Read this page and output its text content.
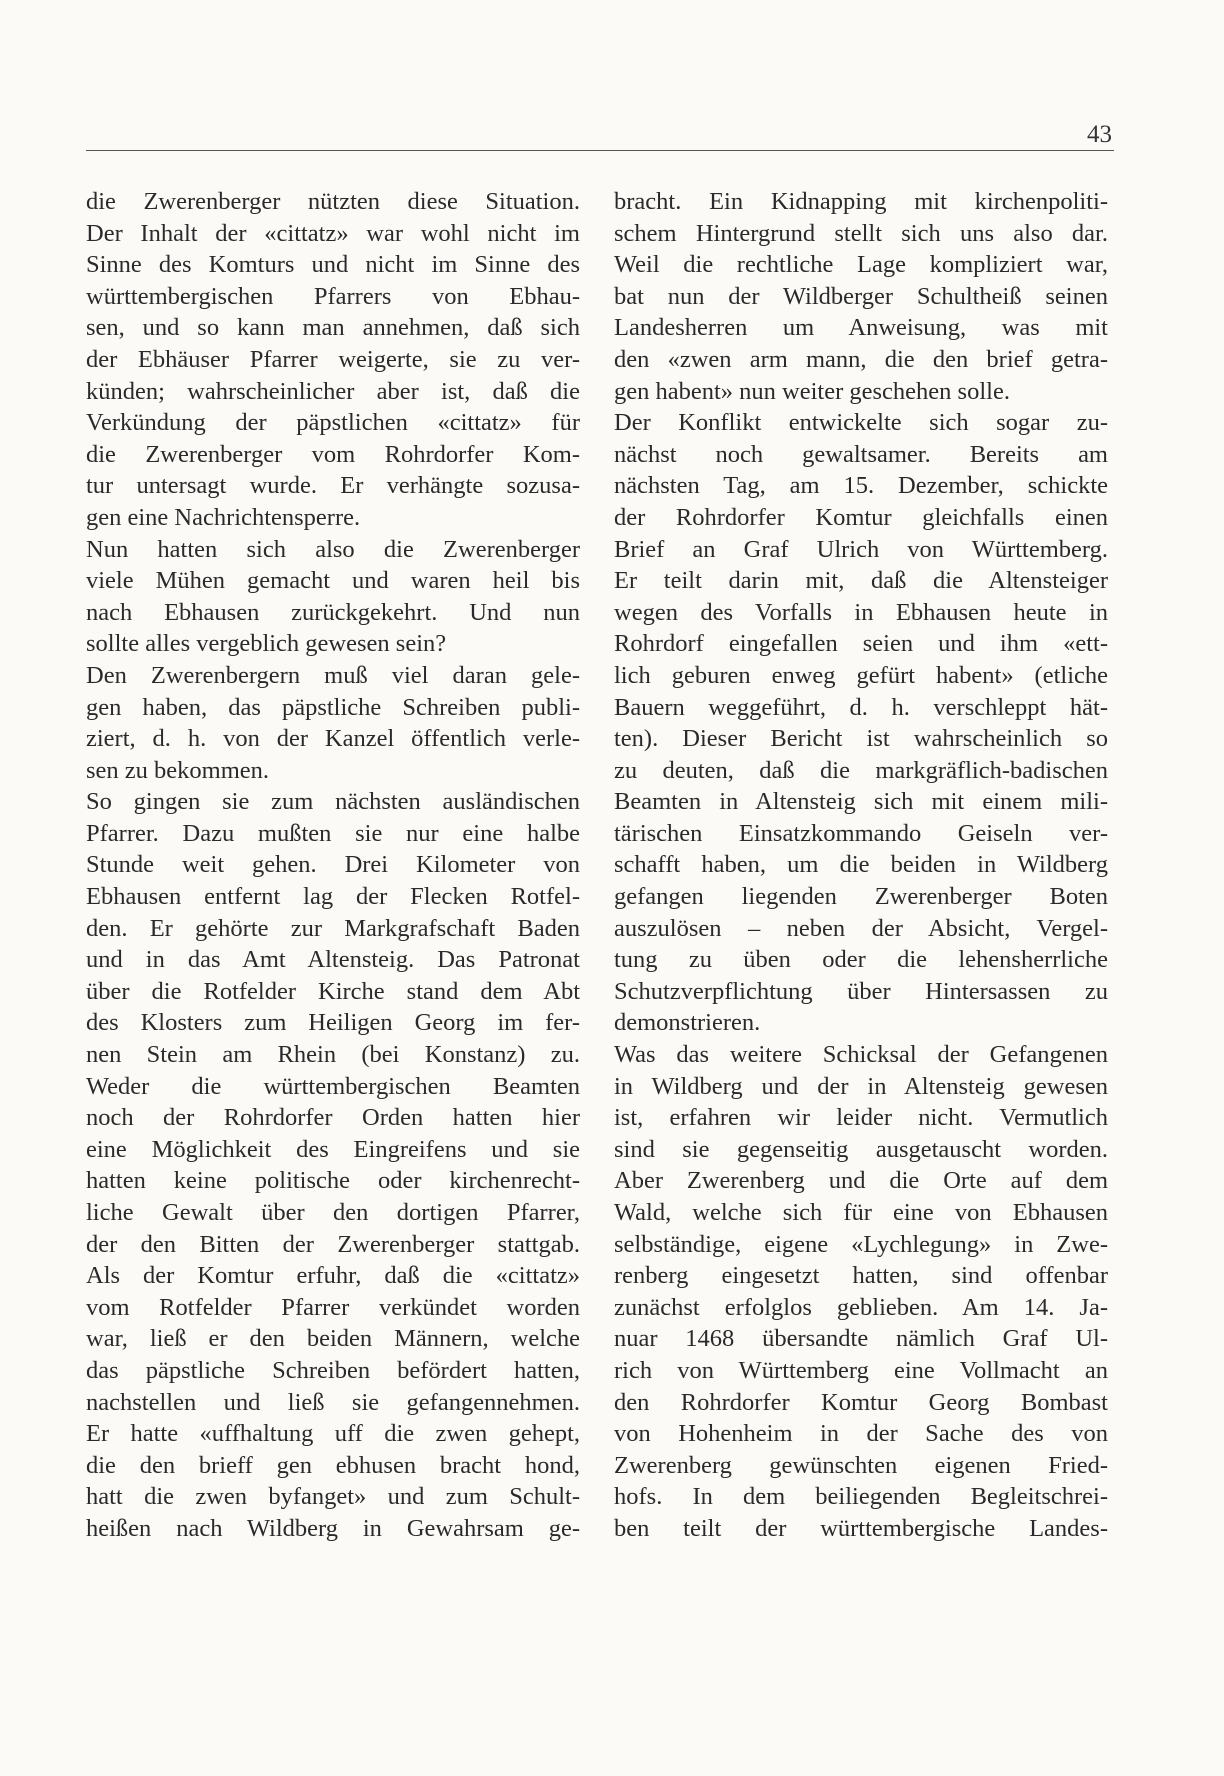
43
die Zwerenberger nützten diese Situation.
Der Inhalt der «cittatz» war wohl nicht im
Sinne des Komturs und nicht im Sinne des
württembergischen Pfarrers von Ebhau-
sen, und so kann man annehmen, daß sich
der Ebhäuser Pfarrer weigerte, sie zu ver-
künden; wahrscheinlicher aber ist, daß die
Verkündung der päpstlichen «cittatz» für
die Zwerenberger vom Rohrdorfer Kom-
tur untersagt wurde. Er verhängte sozusa-
gen eine Nachrichtensperre.
Nun hatten sich also die Zwerenberger
viele Mühen gemacht und waren heil bis
nach Ebhausen zurückgekehrt. Und nun
sollte alles vergeblich gewesen sein?
Den Zwerenbergern muß viel daran gele-
gen haben, das päpstliche Schreiben publi-
ziert, d. h. von der Kanzel öffentlich verle-
sen zu bekommen.
So gingen sie zum nächsten ausländischen
Pfarrer. Dazu mußten sie nur eine halbe
Stunde weit gehen. Drei Kilometer von
Ebhausen entfernt lag der Flecken Rotfel-
den. Er gehörte zur Markgrafschaft Baden
und in das Amt Altensteig. Das Patronat
über die Rotfelder Kirche stand dem Abt
des Klosters zum Heiligen Georg im fer-
nen Stein am Rhein (bei Konstanz) zu.
Weder die württembergischen Beamten
noch der Rohrdorfer Orden hatten hier
eine Möglichkeit des Eingreifens und sie
hatten keine politische oder kirchenrecht-
liche Gewalt über den dortigen Pfarrer,
der den Bitten der Zwerenberger stattgab.
Als der Komtur erfuhr, daß die «cittatz»
vom Rotfelder Pfarrer verkündet worden
war, ließ er den beiden Männern, welche
das päpstliche Schreiben befördert hatten,
nachstellen und ließ sie gefangennehmen.
Er hatte «uffhaltung uff die zwen gehept,
die den brieff gen ebhusen bracht hond,
hatt die zwen byfanget» und zum Schult-
heißen nach Wildberg in Gewahrsam ge-
bracht. Ein Kidnapping mit kirchenpoliti-
schem Hintergrund stellt sich uns also dar.
Weil die rechtliche Lage kompliziert war,
bat nun der Wildberger Schultheiß seinen
Landesherren um Anweisung, was mit
den «zwen arm mann, die den brief getra-
gen habent» nun weiter geschehen solle.
Der Konflikt entwickelte sich sogar zu-
nächst noch gewaltsamer. Bereits am
nächsten Tag, am 15. Dezember, schickte
der Rohrdorfer Komtur gleichfalls einen
Brief an Graf Ulrich von Württemberg.
Er teilt darin mit, daß die Altensteiger
wegen des Vorfalls in Ebhausen heute in
Rohrdorf eingefallen seien und ihm «ett-
lich geburen enweg gefürt habent» (etliche
Bauern weggeführt, d. h. verschleppt hät-
ten). Dieser Bericht ist wahrscheinlich so
zu deuten, daß die markgräflich-badischen
Beamten in Altensteig sich mit einem mili-
tärischen Einsatzkommando Geiseln ver-
schafft haben, um die beiden in Wildberg
gefangen liegenden Zwerenberger Boten
auszulösen – neben der Absicht, Vergel-
tung zu üben oder die lehensherrliche
Schutzverpflichtung über Hintersassen zu
demonstrieren.
Was das weitere Schicksal der Gefangenen
in Wildberg und der in Altensteig gewesen
ist, erfahren wir leider nicht. Vermutlich
sind sie gegenseitig ausgetauscht worden.
Aber Zwerenberg und die Orte auf dem
Wald, welche sich für eine von Ebhausen
selbständige, eigene «Lychlegung» in Zwe-
renberg eingesetzt hatten, sind offenbar
zunächst erfolglos geblieben. Am 14. Ja-
nuar 1468 übersandte nämlich Graf Ul-
rich von Württemberg eine Vollmacht an
den Rohrdorfer Komtur Georg Bombast
von Hohenheim in der Sache des von
Zwerenberg gewünschten eigenen Fried-
hofs. In dem beiliegenden Begleitschrei-
ben teilt der württembergische Landes-
